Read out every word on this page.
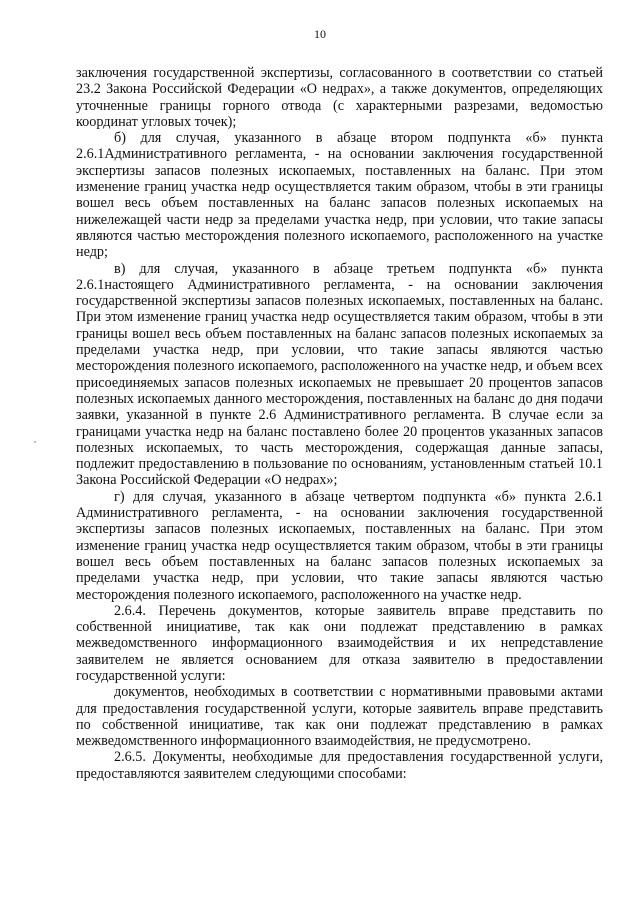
10

заключения государственной экспертизы, согласованного в соответствии со статьей 23.2 Закона Российской Федерации «О недрах», а также документов, определяющих уточненные границы горного отвода (с характерными разрезами, ведомостью координат угловых точек);

б) для случая, указанного в абзаце втором подпункта «б» пункта 2.6.1Административного регламента, - на основании заключения государственной экспертизы запасов полезных ископаемых, поставленных на баланс. При этом изменение границ участка недр осуществляется таким образом, чтобы в эти границы вошел весь объем поставленных на баланс запасов полезных ископаемых на нижележащей части недр за пределами участка недр, при условии, что такие запасы являются частью месторождения полезного ископаемого, расположенного на участке недр;

в) для случая, указанного в абзаце третьем подпункта «б» пункта 2.6.1настоящего Административного регламента, - на основании заключения государственной экспертизы запасов полезных ископаемых, поставленных на баланс. При этом изменение границ участка недр осуществляется таким образом, чтобы в эти границы вошел весь объем поставленных на баланс запасов полезных ископаемых за пределами участка недр, при условии, что такие запасы являются частью месторождения полезного ископаемого, расположенного на участке недр, и объем всех присоединяемых запасов полезных ископаемых не превышает 20 процентов запасов полезных ископаемых данного месторождения, поставленных на баланс до дня подачи заявки, указанной в пункте 2.6 Административного регламента. В случае если за границами участка недр на баланс поставлено более 20 процентов указанных запасов полезных ископаемых, то часть месторождения, содержащая данные запасы, подлежит предоставлению в пользование по основаниям, установленным статьей 10.1 Закона Российской Федерации «О недрах»;

г) для случая, указанного в абзаце четвертом подпункта «б» пункта 2.6.1 Административного регламента, - на основании заключения государственной экспертизы запасов полезных ископаемых, поставленных на баланс. При этом изменение границ участка недр осуществляется таким образом, чтобы в эти границы вошел весь объем поставленных на баланс запасов полезных ископаемых за пределами участка недр, при условии, что такие запасы являются частью месторождения полезного ископаемого, расположенного на участке недр.

2.6.4. Перечень документов, которые заявитель вправе представить по собственной инициативе, так как они подлежат представлению в рамках межведомственного информационного взаимодействия и их непредставление заявителем не является основанием для отказа заявителю в предоставлении государственной услуги:

документов, необходимых в соответствии с нормативными правовыми актами для предоставления государственной услуги, которые заявитель вправе представить по собственной инициативе, так как они подлежат представлению в рамках межведомственного информационного взаимодействия, не предусмотрено.

2.6.5. Документы, необходимые для предоставления государственной услуги, предоставляются заявителем следующими способами:
